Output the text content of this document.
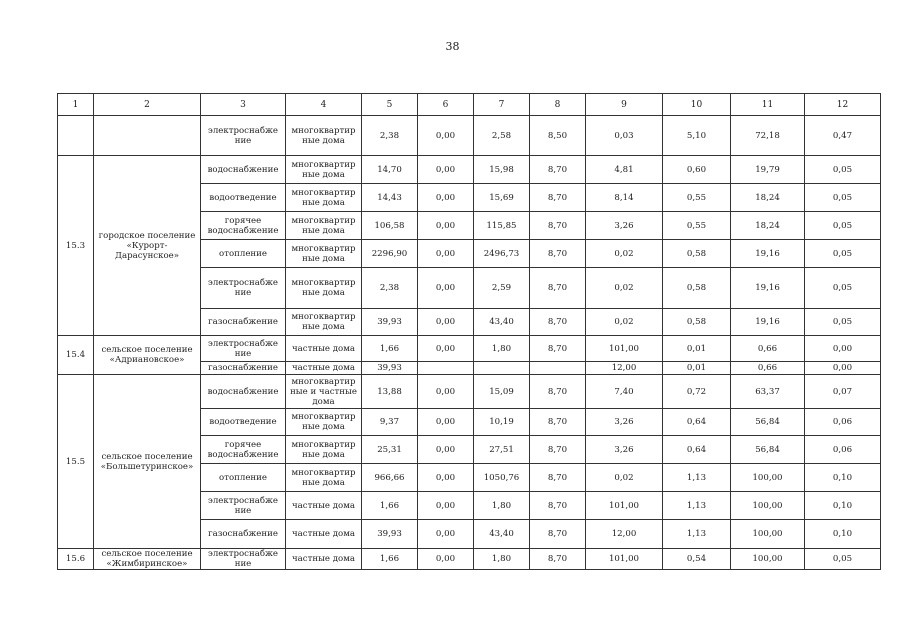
38
1	2	3	4	5	6	7	8	9	10	11	12
		электроснабже ние	многоквартир ные дома	2,38	0,00	2,58	8,50	0,03	5,10	72,18	0,47
15.3	городское поселение «Курорт-Дарасунское»	водоснабжение	многоквартир ные дома	14,70	0,00	15,98	8,70	4,81	0,60	19,79	0,05
		водоотведение	многоквартир ные дома	14,43	0,00	15,69	8,70	8,14	0,55	18,24	0,05
		горячее водоснабжение	многоквартир ные дома	106,58	0,00	115,85	8,70	3,26	0,55	18,24	0,05
		отопление	многоквартир ные дома	2296,90	0,00	2496,73	8,70	0,02	0,58	19,16	0,05
		электроснабже ние	многоквартир ные дома	2,38	0,00	2,59	8,70	0,02	0,58	19,16	0,05
		газоснабжение	многоквартир ные дома	39,93	0,00	43,40	8,70	0,02	0,58	19,16	0,05
15.4	сельское поселение «Адриановское»	электроснабже ние	частные дома	1,66	0,00	1,80	8,70	101,00	0,01	0,66	0,00
		газоснабжение	частные дома	39,93				12,00	0,01	0,66	0,00
15.5	сельское поселение «Большетуринское»	водоснабжение	многоквартир ные и частные дома	13,88	0,00	15,09	8,70	7,40	0,72	63,37	0,07
		водоотведение	многоквартир ные дома	9,37	0,00	10,19	8,70	3,26	0,64	56,84	0,06
		горячее водоснабжение	многоквартир ные дома	25,31	0,00	27,51	8,70	3,26	0,64	56,84	0,06
		отопление	многоквартир ные дома	966,66	0,00	1050,76	8,70	0,02	1,13	100,00	0,10
		электроснабже ние	частные дома	1,66	0,00	1,80	8,70	101,00	1,13	100,00	0,10
		газоснабжение	частные дома	39,93	0,00	43,40	8,70	12,00	1,13	100,00	0,10
15.6	сельское поселение «Жимбиринское»	электроснабже ние	частные дома	1,66	0,00	1,80	8,70	101,00	0,54	100,00	0,05
